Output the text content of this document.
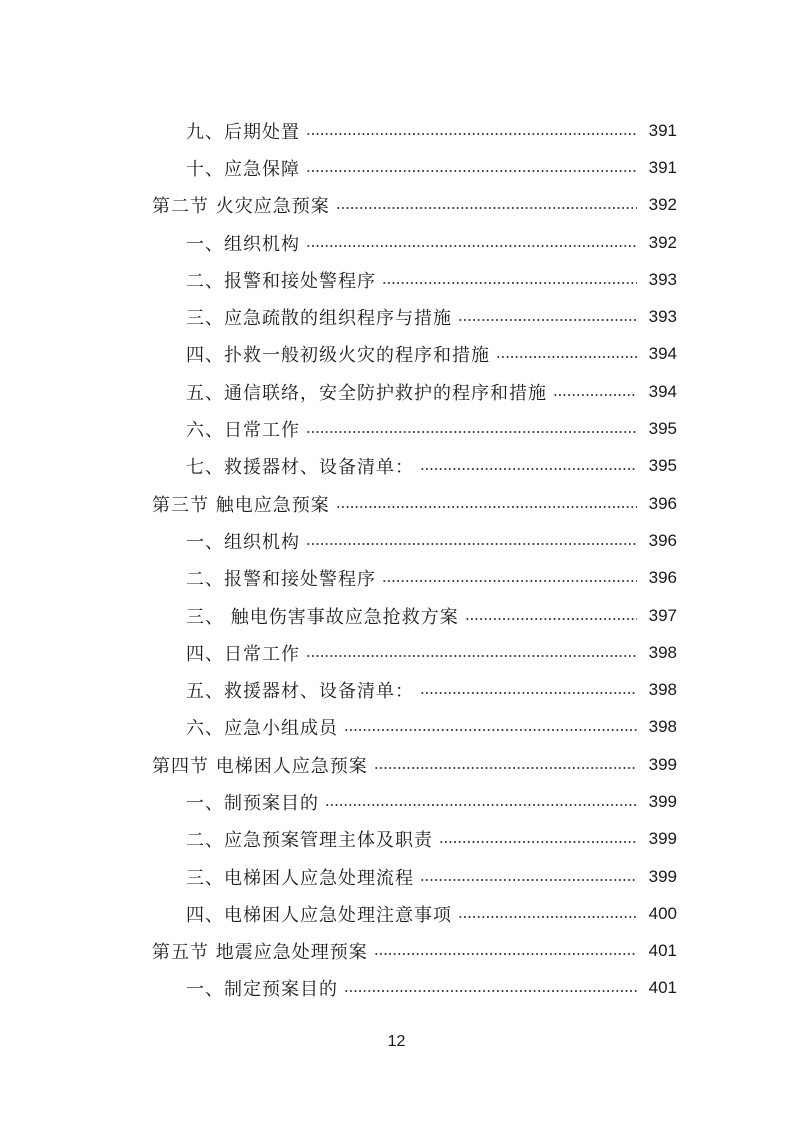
九、后期处置	391
十、应急保障	391
第二节 火灾应急预案	392
一、组织机构	392
二、报警和接处警程序	393
三、应急疏散的组织程序与措施	393
四、扑救一般初级火灾的程序和措施	394
五、通信联络，安全防护救护的程序和措施	394
六、日常工作	395
七、救援器材、设备清单：	395
第三节 触电应急预案	396
一、组织机构	396
二、报警和接处警程序	396
三、 触电伤害事故应急抢救方案	397
四、日常工作	398
五、救援器材、设备清单：	398
六、应急小组成员	398
第四节 电梯困人应急预案	399
一、制预案目的	399
二、应急预案管理主体及职责	399
三、电梯困人应急处理流程	399
四、电梯困人应急处理注意事项	400
第五节 地震应急处理预案	401
一、制定预案目的	401
12
